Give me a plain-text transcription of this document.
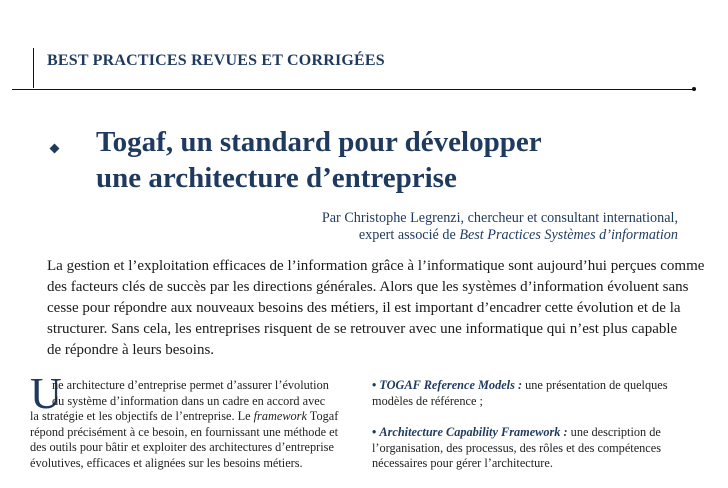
BEST PRACTICES REVUES ET CORRIGÉES
Togaf, un standard pour développer
une architecture d’entreprise
Par Christophe Legrenzi, chercheur et consultant international,
expert associé de Best Practices Systèmes d’information
La gestion et l’exploitation efficaces de l’information grâce à l’informatique sont aujourd’hui perçues comme
des facteurs clés de succès par les directions générales. Alors que les systèmes d’information évoluent sans
cesse pour répondre aux nouveaux besoins des métiers, il est important d’encadrer cette évolution et de la
structurer. Sans cela, les entreprises risquent de se retrouver avec une informatique qui n’est plus capable
de répondre à leurs besoins.
U
ne architecture d’entreprise permet d’assurer l’évolution
du système d’information dans un cadre en accord avec
la stratégie et les objectifs de l’entreprise. Le framework Togaf
répond précisément à ce besoin, en fournissant une méthode et
des outils pour bâtir et exploiter des architectures d’entreprise
évolutives, efficaces et alignées sur les besoins métiers.
• TOGAF Reference Models : une présentation de quelques
modèles de référence ;
• Architecture Capability Framework : une description de
l’organisation, des processus, des rôles et des compétences
nécessaires pour gérer l’architecture.
